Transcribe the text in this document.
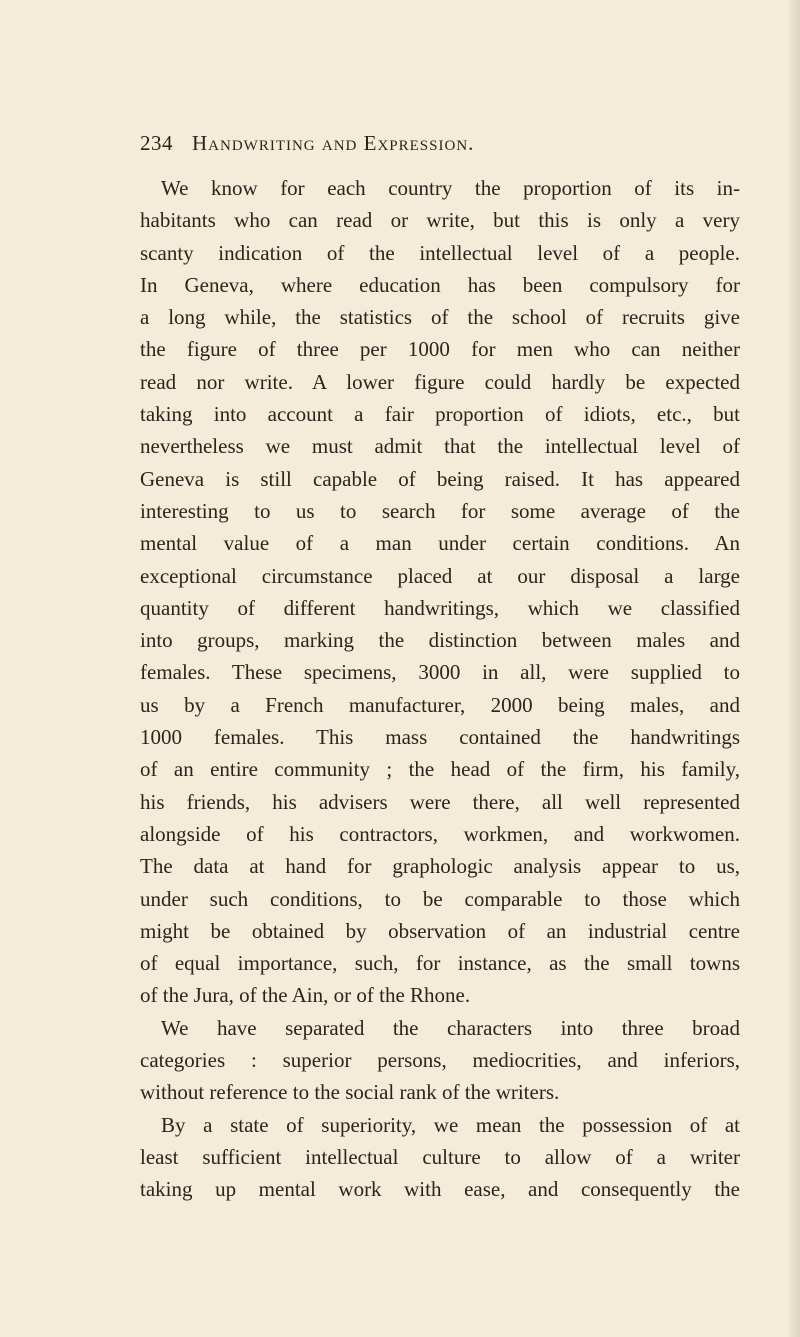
234 Handwriting and Expression.
We know for each country the proportion of its in-
habitants who can read or write, but this is only a very
scanty indication of the intellectual level of a people.
In Geneva, where education has been compulsory for
a long while, the statistics of the school of recruits give
the figure of three per 1000 for men who can neither
read nor write. A lower figure could hardly be expected
taking into account a fair proportion of idiots, etc., but
nevertheless we must admit that the intellectual level of
Geneva is still capable of being raised. It has appeared
interesting to us to search for some average of the
mental value of a man under certain conditions. An
exceptional circumstance placed at our disposal a large
quantity of different handwritings, which we classified
into groups, marking the distinction between males and
females. These specimens, 3000 in all, were supplied to
us by a French manufacturer, 2000 being males, and
1000 females. This mass contained the handwritings
of an entire community ; the head of the firm, his family,
his friends, his advisers were there, all well represented
alongside of his contractors, workmen, and workwomen.
The data at hand for graphologic analysis appear to us,
under such conditions, to be comparable to those which
might be obtained by observation of an industrial centre
of equal importance, such, for instance, as the small towns
of the Jura, of the Ain, or of the Rhone.
We have separated the characters into three broad
categories : superior persons, mediocrities, and inferiors,
without reference to the social rank of the writers.
By a state of superiority, we mean the possession of at
least sufficient intellectual culture to allow of a writer
taking up mental work with ease, and consequently the
